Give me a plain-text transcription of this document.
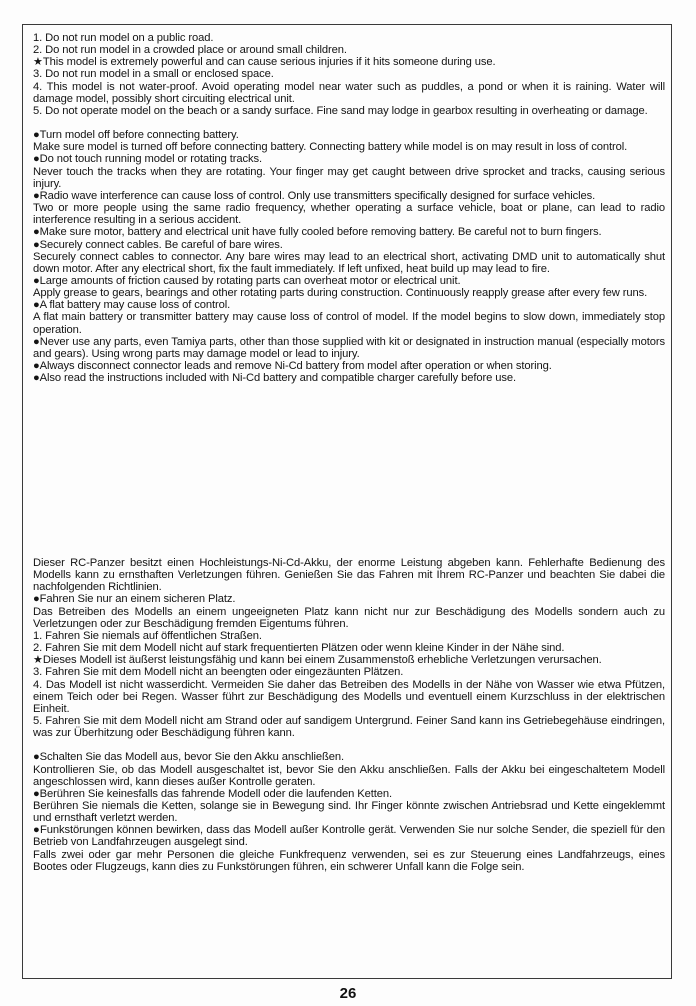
1. Do not run model on a public road.

2. Do not run model in a crowded place or around small children.

★This model is extremely powerful and can cause serious injuries if it hits someone during use.

3. Do not run model in a small or enclosed space.

4. This model is not water-proof. Avoid operating model near water such as puddles, a pond or when it is raining. Water will damage model, possibly short circuiting electrical unit.

5. Do not operate model on the beach or a sandy surface. Fine sand may lodge in gearbox resulting in overheating or damage.

●Turn model off before connecting battery.

Make sure model is turned off before connecting battery. Connecting battery while model is on may result in loss of control.

●Do not touch running model or rotating tracks.

Never touch the tracks when they are rotating. Your finger may get caught between drive sprocket and tracks, causing serious injury.

●Radio wave interference can cause loss of control. Only use transmitters specifically designed for surface vehicles.

Two or more people using the same radio frequency, whether operating a surface vehicle, boat or plane, can lead to radio interference resulting in a serious accident.

●Make sure motor, battery and electrical unit have fully cooled before removing battery. Be careful not to burn fingers.

●Securely connect cables. Be careful of bare wires.

Securely connect cables to connector. Any bare wires may lead to an electrical short, activating DMD unit to automatically shut down motor. After any electrical short, fix the fault immediately. If left unfixed, heat build up may lead to fire.

●Large amounts of friction caused by rotating parts can overheat motor or electrical unit.

Apply grease to gears, bearings and other rotating parts during construction. Continuously reapply grease after every few runs.

●A flat battery may cause loss of control.

A flat main battery or transmitter battery may cause loss of control of model. If the model begins to slow down, immediately stop operation.

●Never use any parts, even Tamiya parts, other than those supplied with kit or designated in instruction manual (especially motors and gears). Using wrong parts may damage model or lead to injury.

●Always disconnect connector leads and remove Ni-Cd battery from model after operation or when storing.

●Also read the instructions included with Ni-Cd battery and compatible charger carefully before use.

Dieser RC-Panzer besitzt einen Hochleistungs-Ni-Cd-Akku, der enorme Leistung abgeben kann. Fehlerhafte Bedienung des Modells kann zu ernsthaften Verletzungen führen. Genießen Sie das Fahren mit Ihrem RC-Panzer und beachten Sie dabei die nachfolgenden Richtlinien.

●Fahren Sie nur an einem sicheren Platz.

Das Betreiben des Modells an einem ungeeigneten Platz kann nicht nur zur Beschädigung des Modells sondern auch zu Verletzungen oder zur Beschädigung fremden Eigentums führen.

1. Fahren Sie niemals auf öffentlichen Straßen.

2. Fahren Sie mit dem Modell nicht auf stark frequentierten Plätzen oder wenn kleine Kinder in der Nähe sind.

★Dieses Modell ist äußerst leistungsfähig und kann bei einem Zusammenstoß erhebliche Verletzungen verursachen.

3. Fahren Sie mit dem Modell nicht an beengten oder eingezäunten Plätzen.

4. Das Modell ist nicht wasserdicht. Vermeiden Sie daher das Betreiben des Modells in der Nähe von Wasser wie etwa Pfützen, einem Teich oder bei Regen. Wasser führt zur Beschädigung des Modells und eventuell einem Kurzschluss in der elektrischen Einheit.

5. Fahren Sie mit dem Modell nicht am Strand oder auf sandigem Untergrund. Feiner Sand kann ins Getriebegehäuse eindringen, was zur Überhitzung oder Beschädigung führen kann.

●Schalten Sie das Modell aus, bevor Sie den Akku anschließen.

Kontrollieren Sie, ob das Modell ausgeschaltet ist, bevor Sie den Akku anschließen. Falls der Akku bei eingeschaltetem Modell angeschlossen wird, kann dieses außer Kontrolle geraten.

●Berühren Sie keinesfalls das fahrende Modell oder die laufenden Ketten.

Berühren Sie niemals die Ketten, solange sie in Bewegung sind. Ihr Finger könnte zwischen Antriebsrad und Kette eingeklemmt und ernsthaft verletzt werden.

●Funkstörungen können bewirken, dass das Modell außer Kontrolle gerät. Verwenden Sie nur solche Sender, die speziell für den Betrieb von Landfahrzeugen ausgelegt sind.

Falls zwei oder gar mehr Personen die gleiche Funkfrequenz verwenden, sei es zur Steuerung eines Landfahrzeugs, eines Bootes oder Flugzeugs, kann dies zu Funkstörungen führen, ein schwerer Unfall kann die Folge sein.

26
